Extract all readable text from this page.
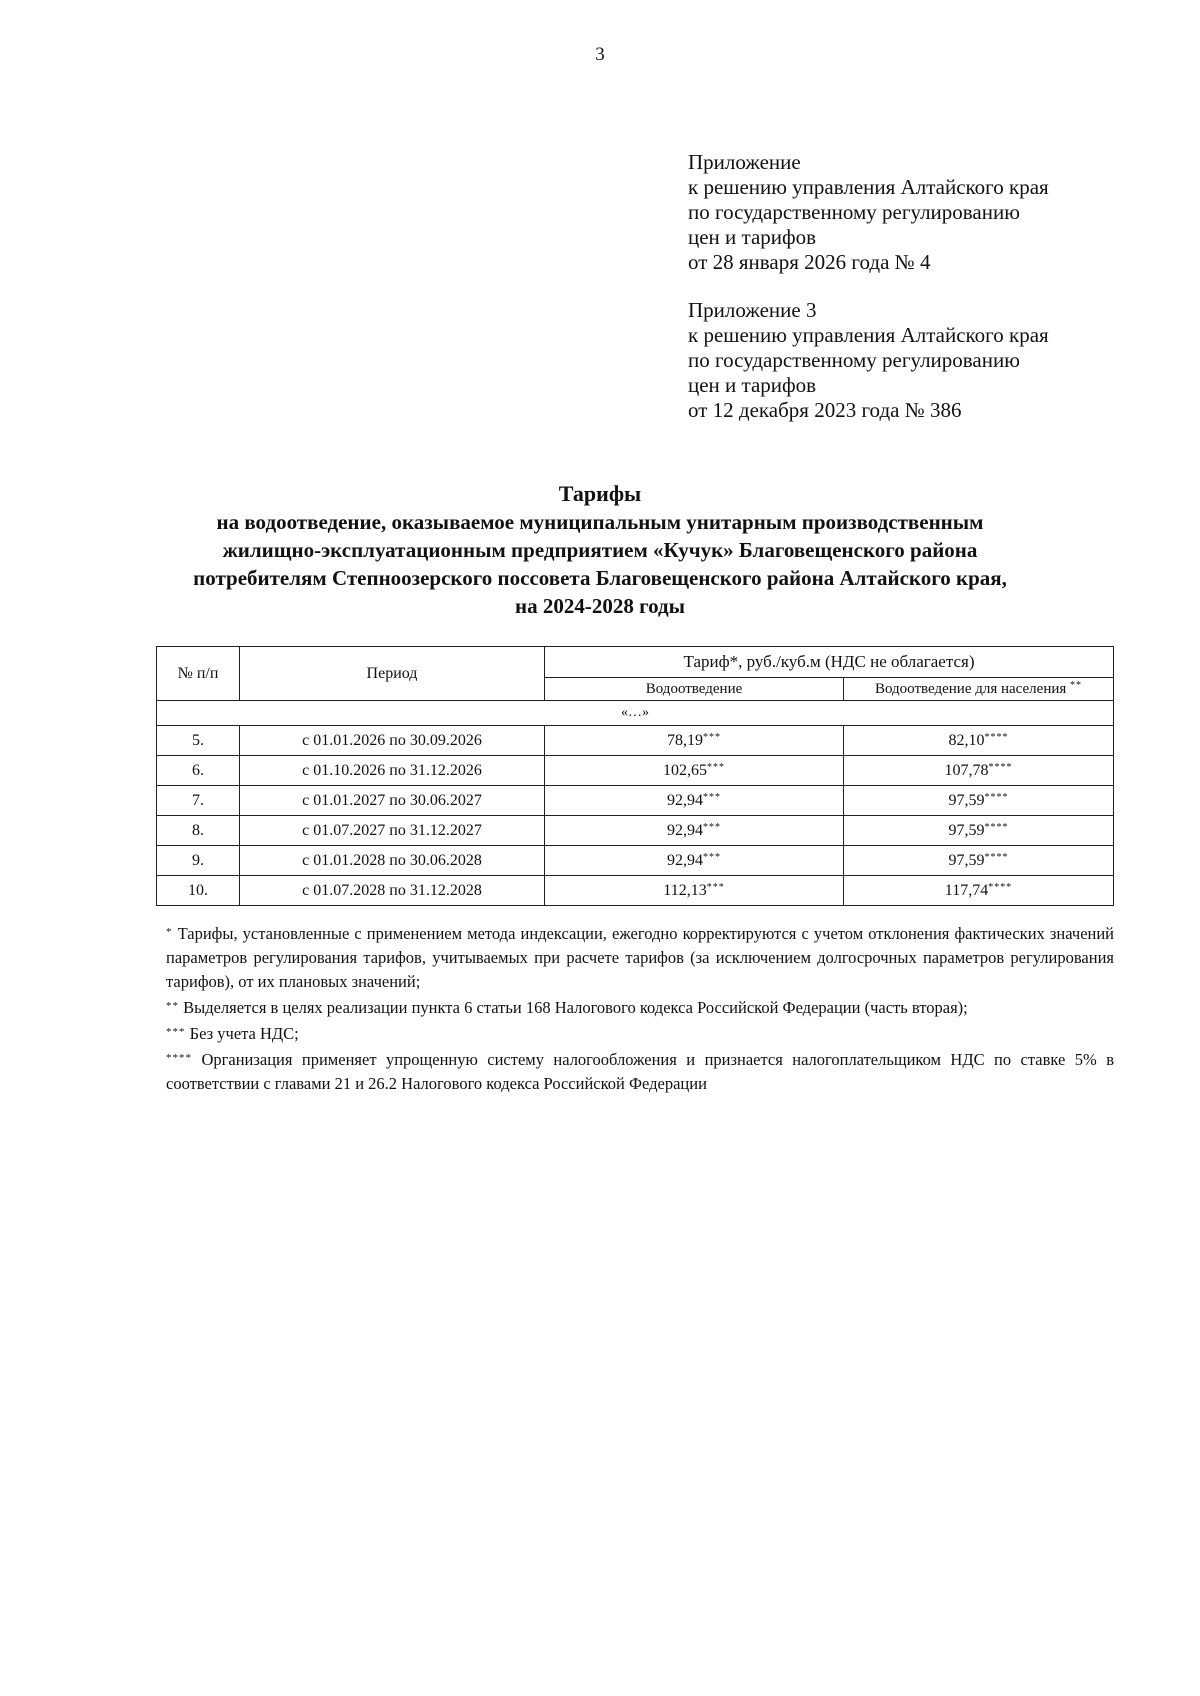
3
Приложение
к решению управления Алтайского края
по государственному регулированию
цен и тарифов
от 28 января 2026 года № 4
Приложение 3
к решению управления Алтайского края
по государственному регулированию
цен и тарифов
от 12 декабря 2023 года № 386
Тарифы
на водоотведение, оказываемое муниципальным унитарным производственным
жилищно-эксплуатационным предприятием «Кучук» Благовещенского района
потребителям Степноозерского поссовета Благовещенского района Алтайского края,
на 2024-2028 годы
№ п/п	Период	Тариф*, руб./куб.м (НДС не облагается)	
		Водоотведение	Водоотведение для населения **
«…»			
5.	с 01.01.2026 по 30.09.2026	78,19***	82,10****
6.	с 01.10.2026 по 31.12.2026	102,65***	107,78****
7.	с 01.01.2027 по 30.06.2027	92,94***	97,59****
8.	с 01.07.2027 по 31.12.2027	92,94***	97,59****
9.	с 01.01.2028 по 30.06.2028	92,94***	97,59****
10.	с 01.07.2028 по 31.12.2028	112,13***	117,74****

* Тарифы, установленные с применением метода индексации, ежегодно корректируются с учетом отклонения фактических значений параметров регулирования тарифов, учитываемых при расчете тарифов (за исключением долгосрочных параметров регулирования тарифов), от их плановых значений;

** Выделяется в целях реализации пункта 6 статьи 168 Налогового кодекса Российской Федерации (часть вторая);

*** Без учета НДС;

**** Организация применяет упрощенную систему налогообложения и признается налогоплательщиком НДС по ставке 5% в соответствии с главами 21 и 26.2 Налогового кодекса Российской Федерации
